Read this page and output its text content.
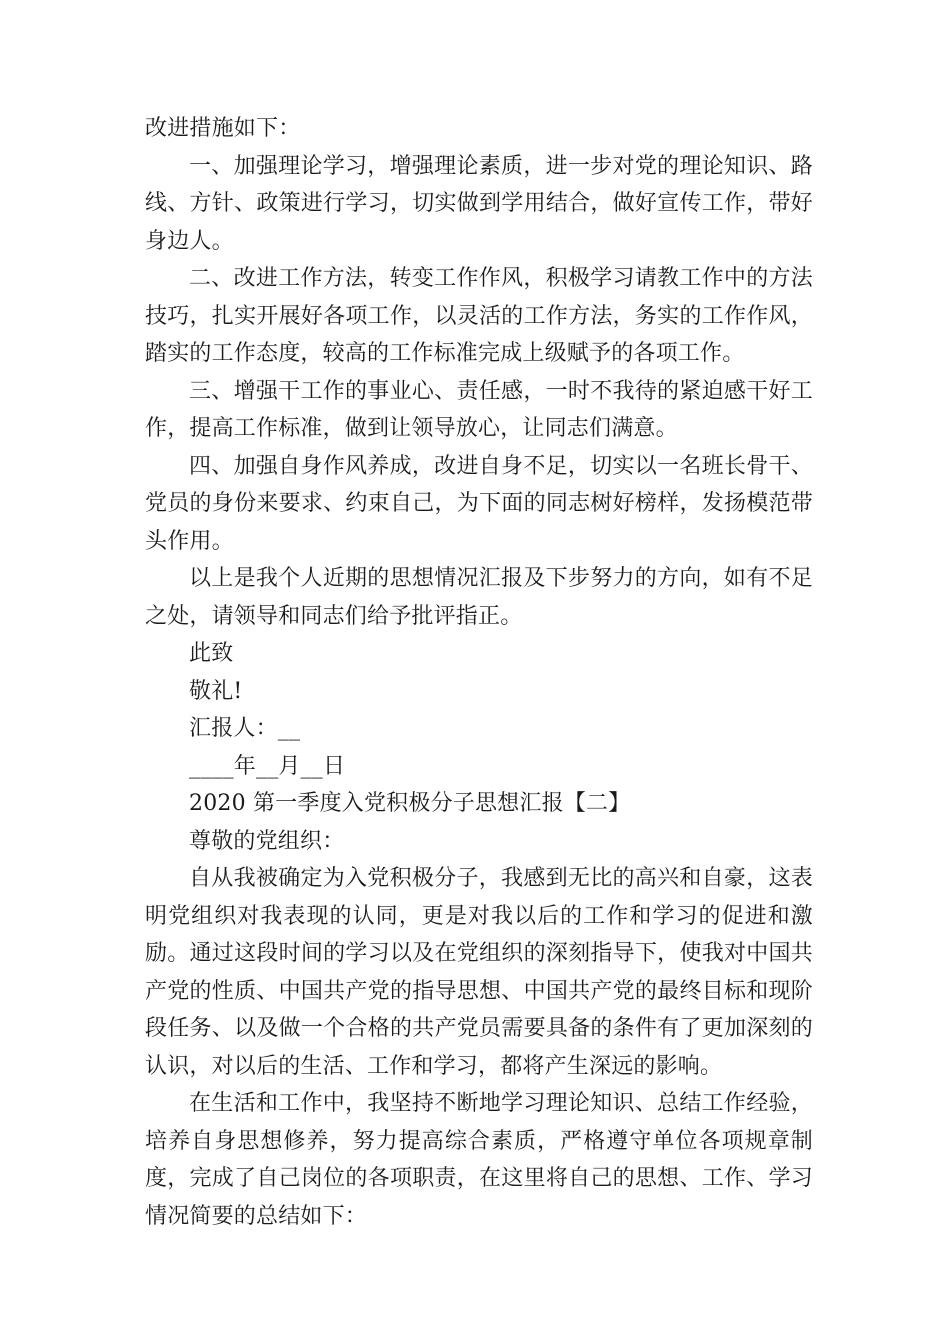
改进措施如下：

一、加强理论学习，增强理论素质，进一步对党的理论知识、路线、方针、政策进行学习，切实做到学用结合，做好宣传工作，带好身边人。

二、改进工作方法，转变工作作风，积极学习请教工作中的方法技巧，扎实开展好各项工作，以灵活的工作方法，务实的工作作风，踏实的工作态度，较高的工作标准完成上级赋予的各项工作。

三、增强干工作的事业心、责任感，一时不我待的紧迫感干好工作，提高工作标准，做到让领导放心，让同志们满意。

四、加强自身作风养成，改进自身不足，切实以一名班长骨干、党员的身份来要求、约束自己，为下面的同志树好榜样，发扬模范带头作用。

以上是我个人近期的思想情况汇报及下步努力的方向，如有不足之处，请领导和同志们给予批评指正。

此致

敬礼!

汇报人：__

____年__月__日

2020 第一季度入党积极分子思想汇报【二】

尊敬的党组织：

自从我被确定为入党积极分子，我感到无比的高兴和自豪，这表明党组织对我表现的认同，更是对我以后的工作和学习的促进和激励。通过这段时间的学习以及在党组织的深刻指导下，使我对中国共产党的性质、中国共产党的指导思想、中国共产党的最终目标和现阶段任务、以及做一个合格的共产党员需要具备的条件有了更加深刻的认识，对以后的生活、工作和学习，都将产生深远的影响。

在生活和工作中，我坚持不断地学习理论知识、总结工作经验，培养自身思想修养，努力提高综合素质，严格遵守单位各项规章制度，完成了自己岗位的各项职责，在这里将自己的思想、工作、学习情况简要的总结如下：
